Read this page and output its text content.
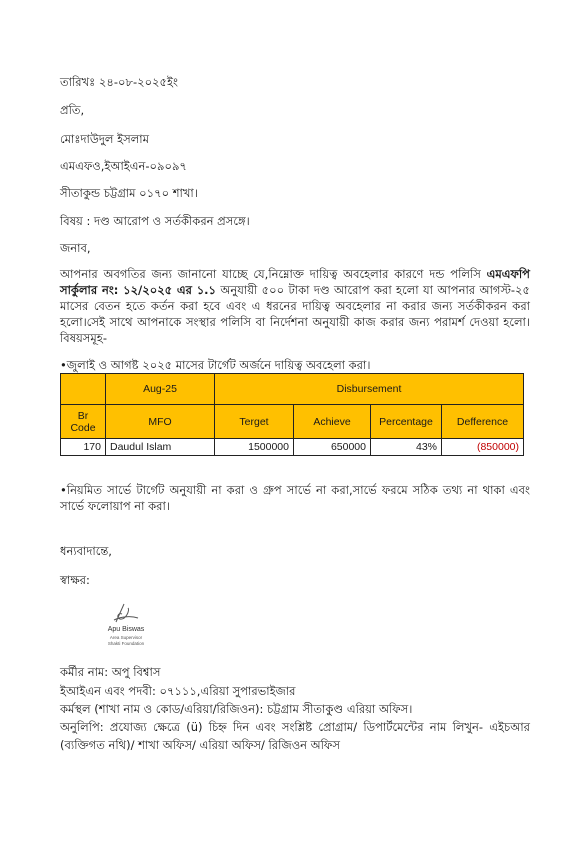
তারিখঃ ২৪-০৮-২০২৫ইং
প্রতি,
মোঃদাউদুল ইসলাম
এমএফও,ইআইএন-০৯০৯৭
সীতাকুন্ড চট্টগ্রাম ০১৭০ শাখা।
বিষয় : দণ্ড আরোপ ও সর্তকীকরন প্রসঙ্গে।
জনাব,
আপনার অবগতির জন্য জানানো যাচ্ছে যে,নিম্নোক্ত দায়িত্ব অবহেলার কারণে দন্ড পলিসি এমএফপি সার্কুলার নং: ১২/২০২৫ এর ১.১ অনুযায়ী ৫০০ টাকা দণ্ড আরোপ করা হলো যা আপনার আগস্ট-২৫ মাসের বেতন হতে কর্তন করা হবে এবং এ ধরনের দায়িত্ব অবহেলার না করার জন্য সর্তকীকরন করা হলো।সেই সাথে আপনাকে সংস্থার পলিসি বা নির্দেশনা অনুযায়ী কাজ করার জন্য পরামর্শ দেওয়া হলো।বিষয়সমূহ-
•জুলাই ও আগষ্ট ২০২৫ মাসের টার্গেট অর্জনে দায়িত্ব অবহেলা করা।
	Aug-25	Disbursement			
Br Code	MFO	Terget	Achieve	Percentage	Defference
170	Daudul Islam	1500000	650000	43%	(850000)
•নিয়মিত সার্ভে টার্গেট অনুযায়ী না করা ও গ্রুপ সার্ভে না করা,সার্ভে ফরমে সঠিক তথ্য না থাকা এবং সার্ভে ফলোয়াপ না করা।
ধন্যবাদান্তে,
স্বাক্ষর:
Apu Biswas
Area Supervisor
Shakti Foundation
কর্মীর নাম: অপু বিশ্বাস
ইআইএন এবং পদবী: ০৭১১১,এরিয়া সুপারভাইজার
কর্মস্থল (শাখা নাম ও কোড/এরিয়া/রিজিওন): চট্টগ্রাম সীতাকুণ্ড এরিয়া অফিস।
অনুলিপি: প্রযোজ্য ক্ষেত্রে (ü) চিহ্ন দিন এবং সংশ্লিষ্ট প্রোগ্রাম/ ডিপার্টমেন্টের নাম লিখুন- এইচআর (ব্যক্তিগত নথি)/ শাখা অফিস/ এরিয়া অফিস/ রিজিওন অফিস
